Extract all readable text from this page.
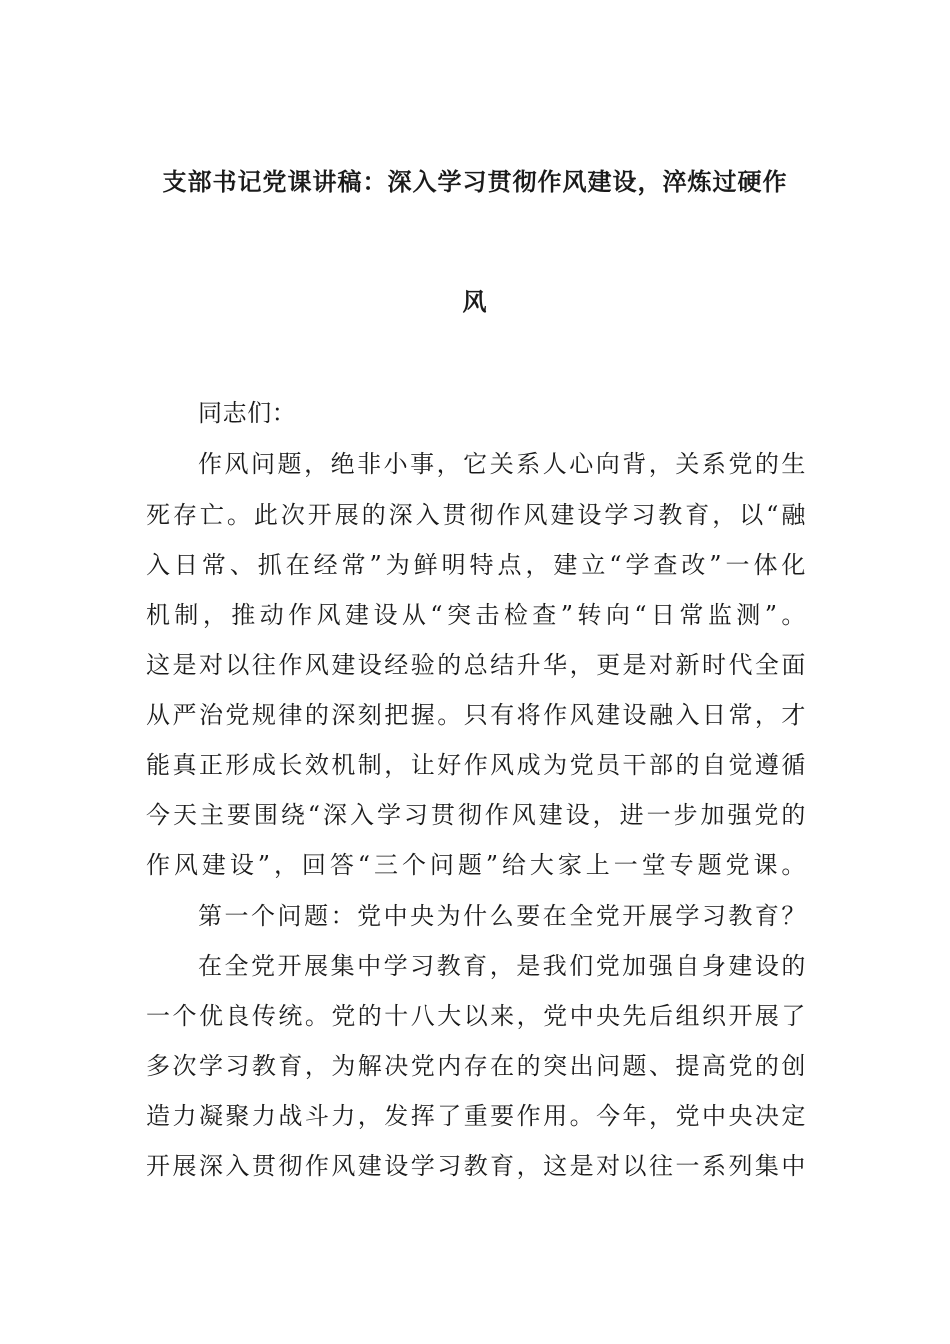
支部书记党课讲稿：深入学习贯彻作风建设，淬炼过硬作
风
同志们：
作风问题，绝非小事，它关系人心向背，关系党的生
死存亡。此次开展的深入贯彻作风建设学习教育，以“融
入日常、抓在经常”为鲜明特点，建立“学查改”一体化
机制，推动作风建设从“突击检查”转向“日常监测”。
这是对以往作风建设经验的总结升华，更是对新时代全面
从严治党规律的深刻把握。只有将作风建设融入日常，才
能真正形成长效机制，让好作风成为党员干部的自觉遵循
今天主要围绕“深入学习贯彻作风建设，进一步加强党的
作风建设”，回答“三个问题”给大家上一堂专题党课。
第一个问题：党中央为什么要在全党开展学习教育？
在全党开展集中学习教育，是我们党加强自身建设的
一个优良传统。党的十八大以来，党中央先后组织开展了
多次学习教育，为解决党内存在的突出问题、提高党的创
造力凝聚力战斗力，发挥了重要作用。今年，党中央决定
开展深入贯彻作风建设学习教育，这是对以往一系列集中
